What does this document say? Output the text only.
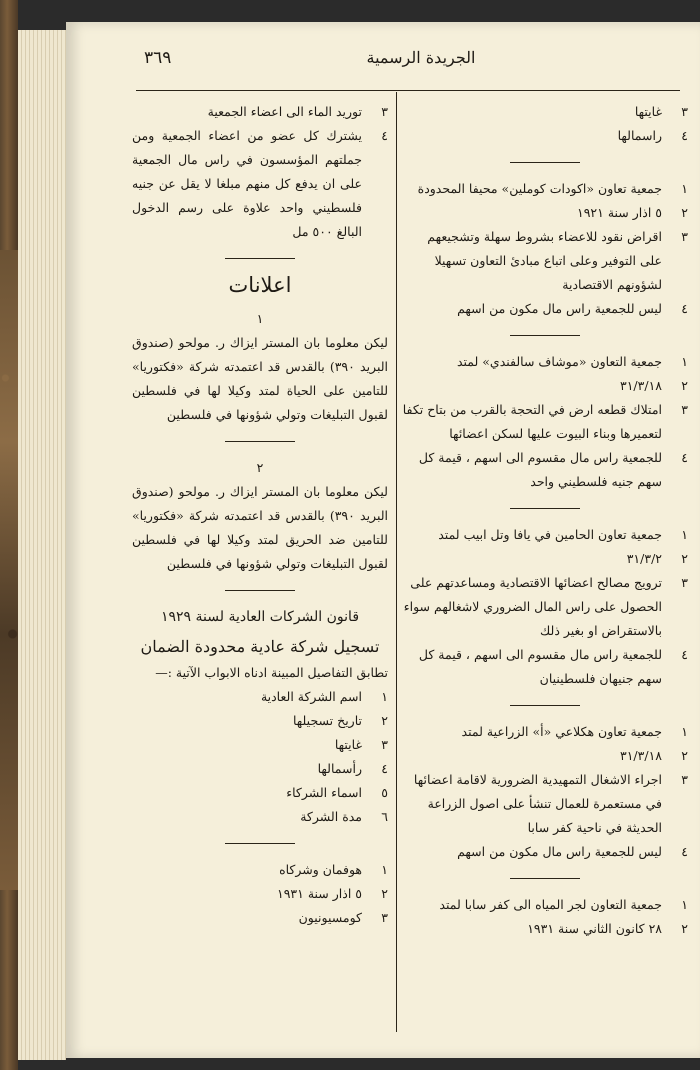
٣٦٩	الجريدة الرسمية
٣
غايتها
٤
راسمالها
١
جمعية تعاون «اكودات كوملين» محيفا المحدودة
٢
٥ اذار سنة ١٩٢١
٣
اقراض نقود للاعضاء بشروط سهلة وتشجيعهم على التوفير وعلى اتباع مبادئ التعاون تسهيلا لشؤونهم الاقتصادية
٤
ليس للجمعية راس مال مكون من اسهم
١
جمعية التعاون «موشاف سالفندي» لمتد
٢
٣١/٣/١٨
٣
امتلاك قطعه ارض في التحجة بالقرب من بتاح تكفا لتعميرها وبناء البيوت عليها لسكن اعضائها
٤
للجمعية راس مال مقسوم الى اسهم ، قيمة كل سهم جنيه فلسطيني واحد
١
جمعية تعاون الحامين في يافا وتل ابيب لمتد
٢
٣١/٣/٢
٣
ترويج مصالح اعضائها الاقتصادية ومساعدتهم على الحصول على راس المال الضروري لاشغالهم سواء بالاستقراض او بغير ذلك
٤
للجمعية راس مال مقسوم الى اسهم ، قيمة كل سهم جنيهان فلسطينيان
١
جمعية تعاون هكلاعي «أ» الزراعية لمتد
٢
٣١/٣/١٨
٣
اجراء الاشغال التمهيدية الضرورية لاقامة اعضائها في مستعمرة للعمال تنشأ على اصول الزراعة الحديثة في ناحية كفر سابا
٤
ليس للجمعية راس مال مكون من اسهم
١
جمعية التعاون لجر المياه الى كفر سابا لمتد
٢
٢٨ كانون الثاني سنة ١٩٣١
٣
توريد الماء الى اعضاء الجمعية
٤
يشترك كل عضو من اعضاء الجمعية ومن جملتهم المؤسسون في راس مال الجمعية على ان يدفع كل منهم مبلغا لا يقل عن جنيه فلسطيني واحد علاوة على رسم الدخول البالغ ٥٠٠ مل
اعلانات
١
ليكن معلوما بان المستر ايزاك ر. مولحو (صندوق البريد ٣٩٠) بالقدس قد اعتمدته شركة «فكتوريا» للتامين على الحياة لمتد وكيلا لها في فلسطين لقبول التبليغات وتولي شؤونها في فلسطين
٢
ليكن معلوما بان المستر ايزاك ر. مولحو (صندوق البريد ٣٩٠) بالقدس قد اعتمدته شركة «فكتوريا» للتامين ضد الحريق لمتد وكيلا لها في فلسطين لقبول التبليغات وتولي شؤونها في فلسطين
قانون الشركات العادية لسنة ١٩٢٩
تسجيل شركة عادية محدودة الضمان
تطابق التفاصيل المبينة ادناه الابواب الآتية :—
١
اسم الشركة العادية
٢
تاريخ تسجيلها
٣
غايتها
٤
رأسمالها
٥
اسماء الشركاء
٦
مدة الشركة
١
هوفمان وشركاه
٢
٥ اذار سنة ١٩٣١
٣
كومسيونيون
